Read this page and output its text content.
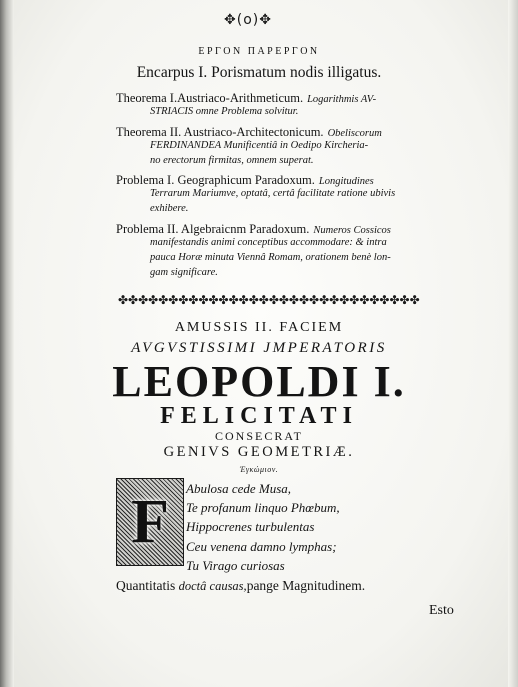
✥(o)✥
ΕΡΓΟΝ ΠΑΡΕΡΓΟΝ
Encarpus I. Porismatum nodis illigatus.
Theorema I.Austriaco-Arithmeticum. Logarithmis AV-
STRIACIS omne Problema solvitur.
Theorema II. Austriaco-Architectonicum. Obeliscorum
FERDINANDEA Munificentiâ in Oedipo Kircheria-
no erectorum firmitas, omnem superat.
Problema I. Geographicum Paradoxum. Longitudines
Terrarum Mariumve, optatâ, certâ facilitate ratione ubivis
exhibere.
Problema II. Algebraicnm Paradoxum. Numeros Cossicos
manifestandis animi conceptibus accommodare: & intra
pauca Horæ minuta Viennâ Romam, orationem benè lon-
gam significare.
✤✤✤✤✤✤✤✤✤✤✤✤✤✤✤✤✤✤✤✤✤✤✤✤✤✤✤✤✤✤
AMUSSIS II. FACIEM
AVGVSTISSIMI JMPERATORIS
LEOPOLDI I.
FELICITATI
CONSECRAT
GENIVS GEOMETRIÆ.
Ἐγκώμιον.
F	Abulosa cede Musa,
Te profanum linquo Phœbum,
Hippocrenes turbulentas
Ceu venena damno lymphas;
Tu Virago curiosas
Quantitatis doctâ causas,pange Magnitudinem.
Esto
